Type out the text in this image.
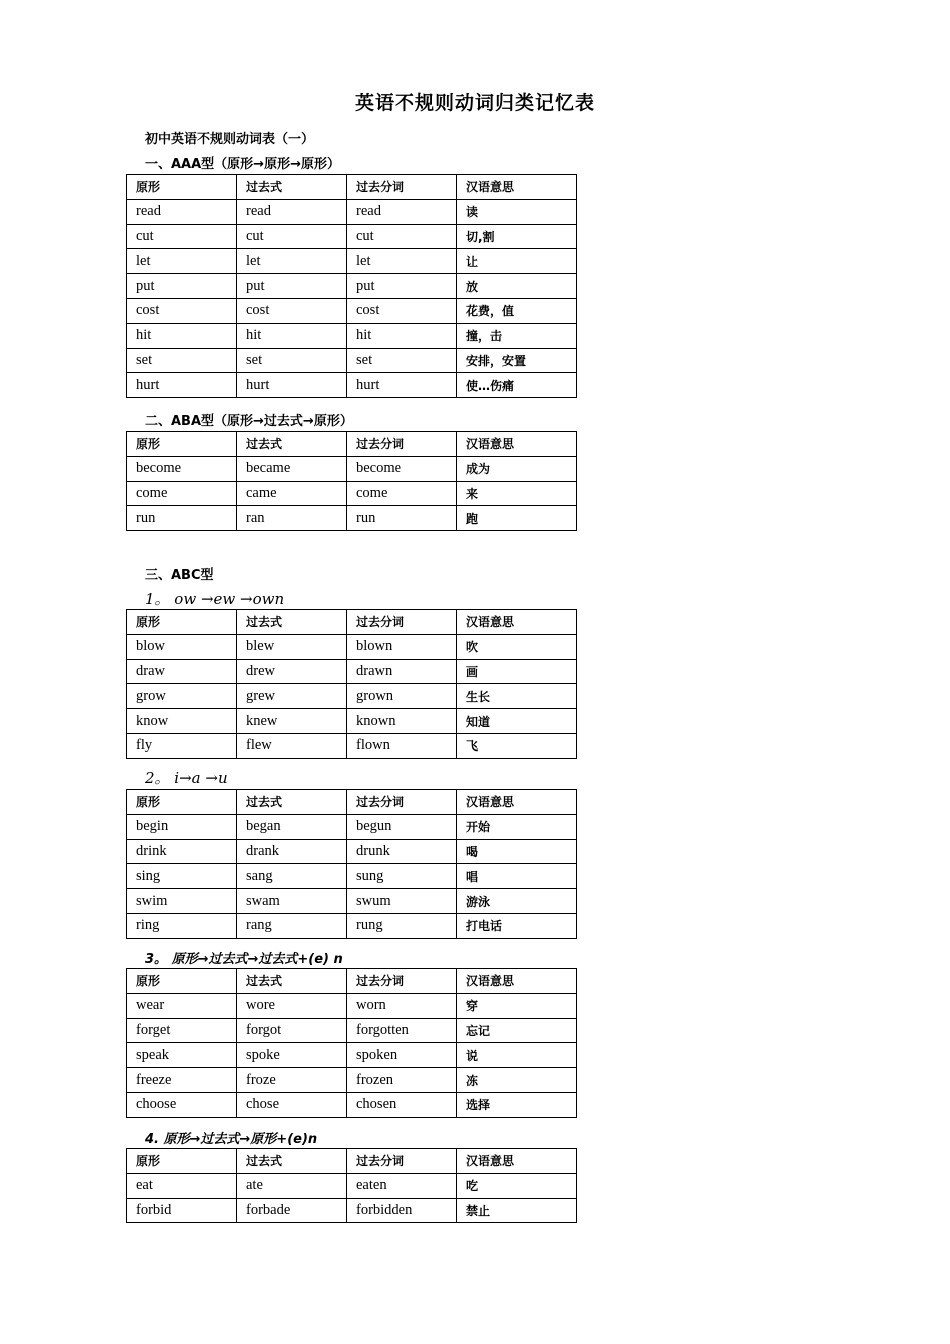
英语不规则动词归类记忆表
初中英语不规则动词表（一）
一、AAA型（原形→原形→原形）
原形	过去式	过去分词	汉语意思
read	read	read	读
cut	cut	cut	切,割
let	let	let	让
put	put	put	放
cost	cost	cost	花费，值
hit	hit	hit	撞，击
set	set	set	安排，安置
hurt	hurt	hurt	使…伤痛
二、ABA型（原形→过去式→原形）
原形	过去式	过去分词	汉语意思
become	became	become	成为
come	came	come	来
run	ran	run	跑
三、ABC型
1。 ow →ew →own
原形	过去式	过去分词	汉语意思
blow	blew	blown	吹
draw	drew	drawn	画
grow	grew	grown	生长
know	knew	known	知道
fly	flew	flown	飞
2。 i→a →u
原形	过去式	过去分词	汉语意思
begin	began	begun	开始
drink	drank	drunk	喝
sing	sang	sung	唱
swim	swam	swum	游泳
ring	rang	rung	打电话
3。 原形→过去式→过去式+(e) n
原形	过去式	过去分词	汉语意思
wear	wore	worn	穿
forget	forgot	forgotten	忘记
speak	spoke	spoken	说
freeze	froze	frozen	冻
choose	chose	chosen	选择
4. 原形→过去式→原形+(e)n
原形	过去式	过去分词	汉语意思
eat	ate	eaten	吃
forbid	forbade	forbidden	禁止
